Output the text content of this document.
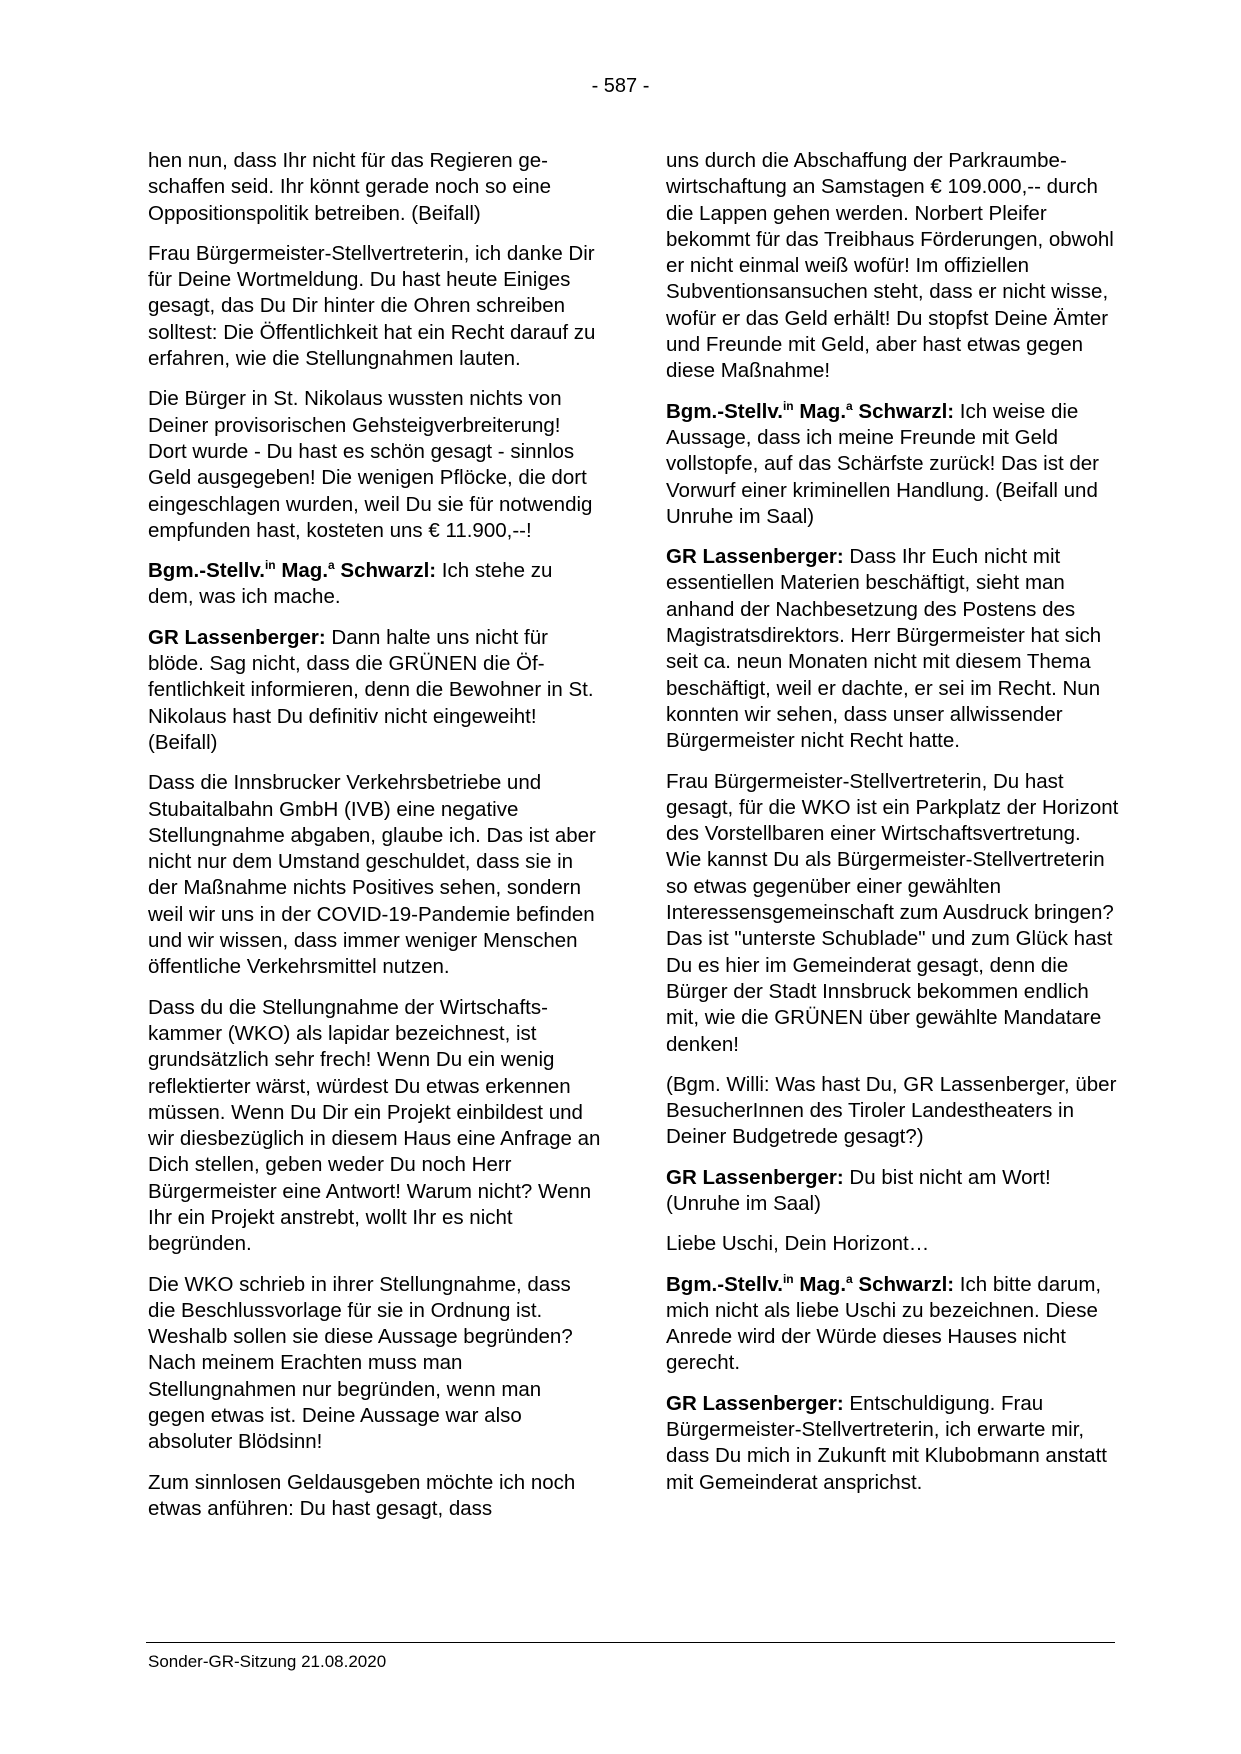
- 587 -

hen nun, dass Ihr nicht für das Regieren geschaffen seid. Ihr könnt gerade noch so eine Oppositionspolitik betreiben. (Beifall)

Frau Bürgermeister-Stellvertreterin, ich danke Dir für Deine Wortmeldung. Du hast heute Einiges gesagt, das Du Dir hinter die Ohren schreiben solltest: Die Öffentlichkeit hat ein Recht darauf zu erfahren, wie die Stellungnahmen lauten.

Die Bürger in St. Nikolaus wussten nichts von Deiner provisorischen Gehsteigverbreiterung! Dort wurde - Du hast es schön gesagt - sinnlos Geld ausgegeben! Die wenigen Pflöcke, die dort eingeschlagen wurden, weil Du sie für notwendig empfunden hast, kosteten uns € 11.900,--!

Bgm.-Stellv.$^{in}$ Mag.$^a$ Schwarzl: Ich stehe zu dem, was ich mache.

GR Lassenberger: Dann halte uns nicht für blöde. Sag nicht, dass die GRÜNEN die Öffentlichkeit informieren, denn die Bewohner in St. Nikolaus hast Du definitiv nicht eingeweiht! (Beifall)

Dass die Innsbrucker Verkehrsbetriebe und Stubaitalbahn GmbH (IVB) eine negative Stellungnahme abgaben, glaube ich. Das ist aber nicht nur dem Umstand geschuldet, dass sie in der Maßnahme nichts Positives sehen, sondern weil wir uns in der COVID-19-Pandemie befinden und wir wissen, dass immer weniger Menschen öffentliche Verkehrsmittel nutzen.

Dass du die Stellungnahme der Wirtschaftskammer (WKO) als lapidar bezeichnest, ist grundsätzlich sehr frech! Wenn Du ein wenig reflektierter wärst, würdest Du etwas erkennen müssen. Wenn Du Dir ein Projekt einbildest und wir diesbezüglich in diesem Haus eine Anfrage an Dich stellen, geben weder Du noch Herr Bürgermeister eine Antwort! Warum nicht? Wenn Ihr ein Projekt anstrebt, wollt Ihr es nicht begründen.

Die WKO schrieb in ihrer Stellungnahme, dass die Beschlussvorlage für sie in Ordnung ist. Weshalb sollen sie diese Aussage begründen? Nach meinem Erachten muss man Stellungnahmen nur begründen, wenn man gegen etwas ist. Deine Aussage war also absoluter Blödsinn!

Zum sinnlosen Geldausgeben möchte ich noch etwas anführen: Du hast gesagt, dass

uns durch die Abschaffung der Parkraumbewirtschaftung an Samstagen € 109.000,-- durch die Lappen gehen werden. Norbert Pleifer bekommt für das Treibhaus Förderungen, obwohl er nicht einmal weiß wofür! Im offiziellen Subventionsansuchen steht, dass er nicht wisse, wofür er das Geld erhält! Du stopfst Deine Ämter und Freunde mit Geld, aber hast etwas gegen diese Maßnahme!

Bgm.-Stellv.$^{in}$ Mag.$^a$ Schwarzl: Ich weise die Aussage, dass ich meine Freunde mit Geld vollstopfe, auf das Schärfste zurück! Das ist der Vorwurf einer kriminellen Handlung. (Beifall und Unruhe im Saal)

GR Lassenberger: Dass Ihr Euch nicht mit essentiellen Materien beschäftigt, sieht man anhand der Nachbesetzung des Postens des Magistratsdirektors. Herr Bürgermeister hat sich seit ca. neun Monaten nicht mit diesem Thema beschäftigt, weil er dachte, er sei im Recht. Nun konnten wir sehen, dass unser allwissender Bürgermeister nicht Recht hatte.

Frau Bürgermeister-Stellvertreterin, Du hast gesagt, für die WKO ist ein Parkplatz der Horizont des Vorstellbaren einer Wirtschaftsvertretung. Wie kannst Du als Bürgermeister-Stellvertreterin so etwas gegenüber einer gewählten Interessensgemeinschaft zum Ausdruck bringen? Das ist "unterste Schublade" und zum Glück hast Du es hier im Gemeinderat gesagt, denn die Bürger der Stadt Innsbruck bekommen endlich mit, wie die GRÜNEN über gewählte Mandatare denken!

(Bgm. Willi: Was hast Du, GR Lassenberger, über BesucherInnen des Tiroler Landestheaters in Deiner Budgetrede gesagt?)

GR Lassenberger: Du bist nicht am Wort! (Unruhe im Saal)

Liebe Uschi, Dein Horizont…

Bgm.-Stellv.$^{in}$ Mag.$^a$ Schwarzl: Ich bitte darum, mich nicht als liebe Uschi zu bezeichnen. Diese Anrede wird der Würde dieses Hauses nicht gerecht.

GR Lassenberger: Entschuldigung. Frau Bürgermeister-Stellvertreterin, ich erwarte mir, dass Du mich in Zukunft mit Klubobmann anstatt mit Gemeinderat ansprichst.

Sonder-GR-Sitzung 21.08.2020
